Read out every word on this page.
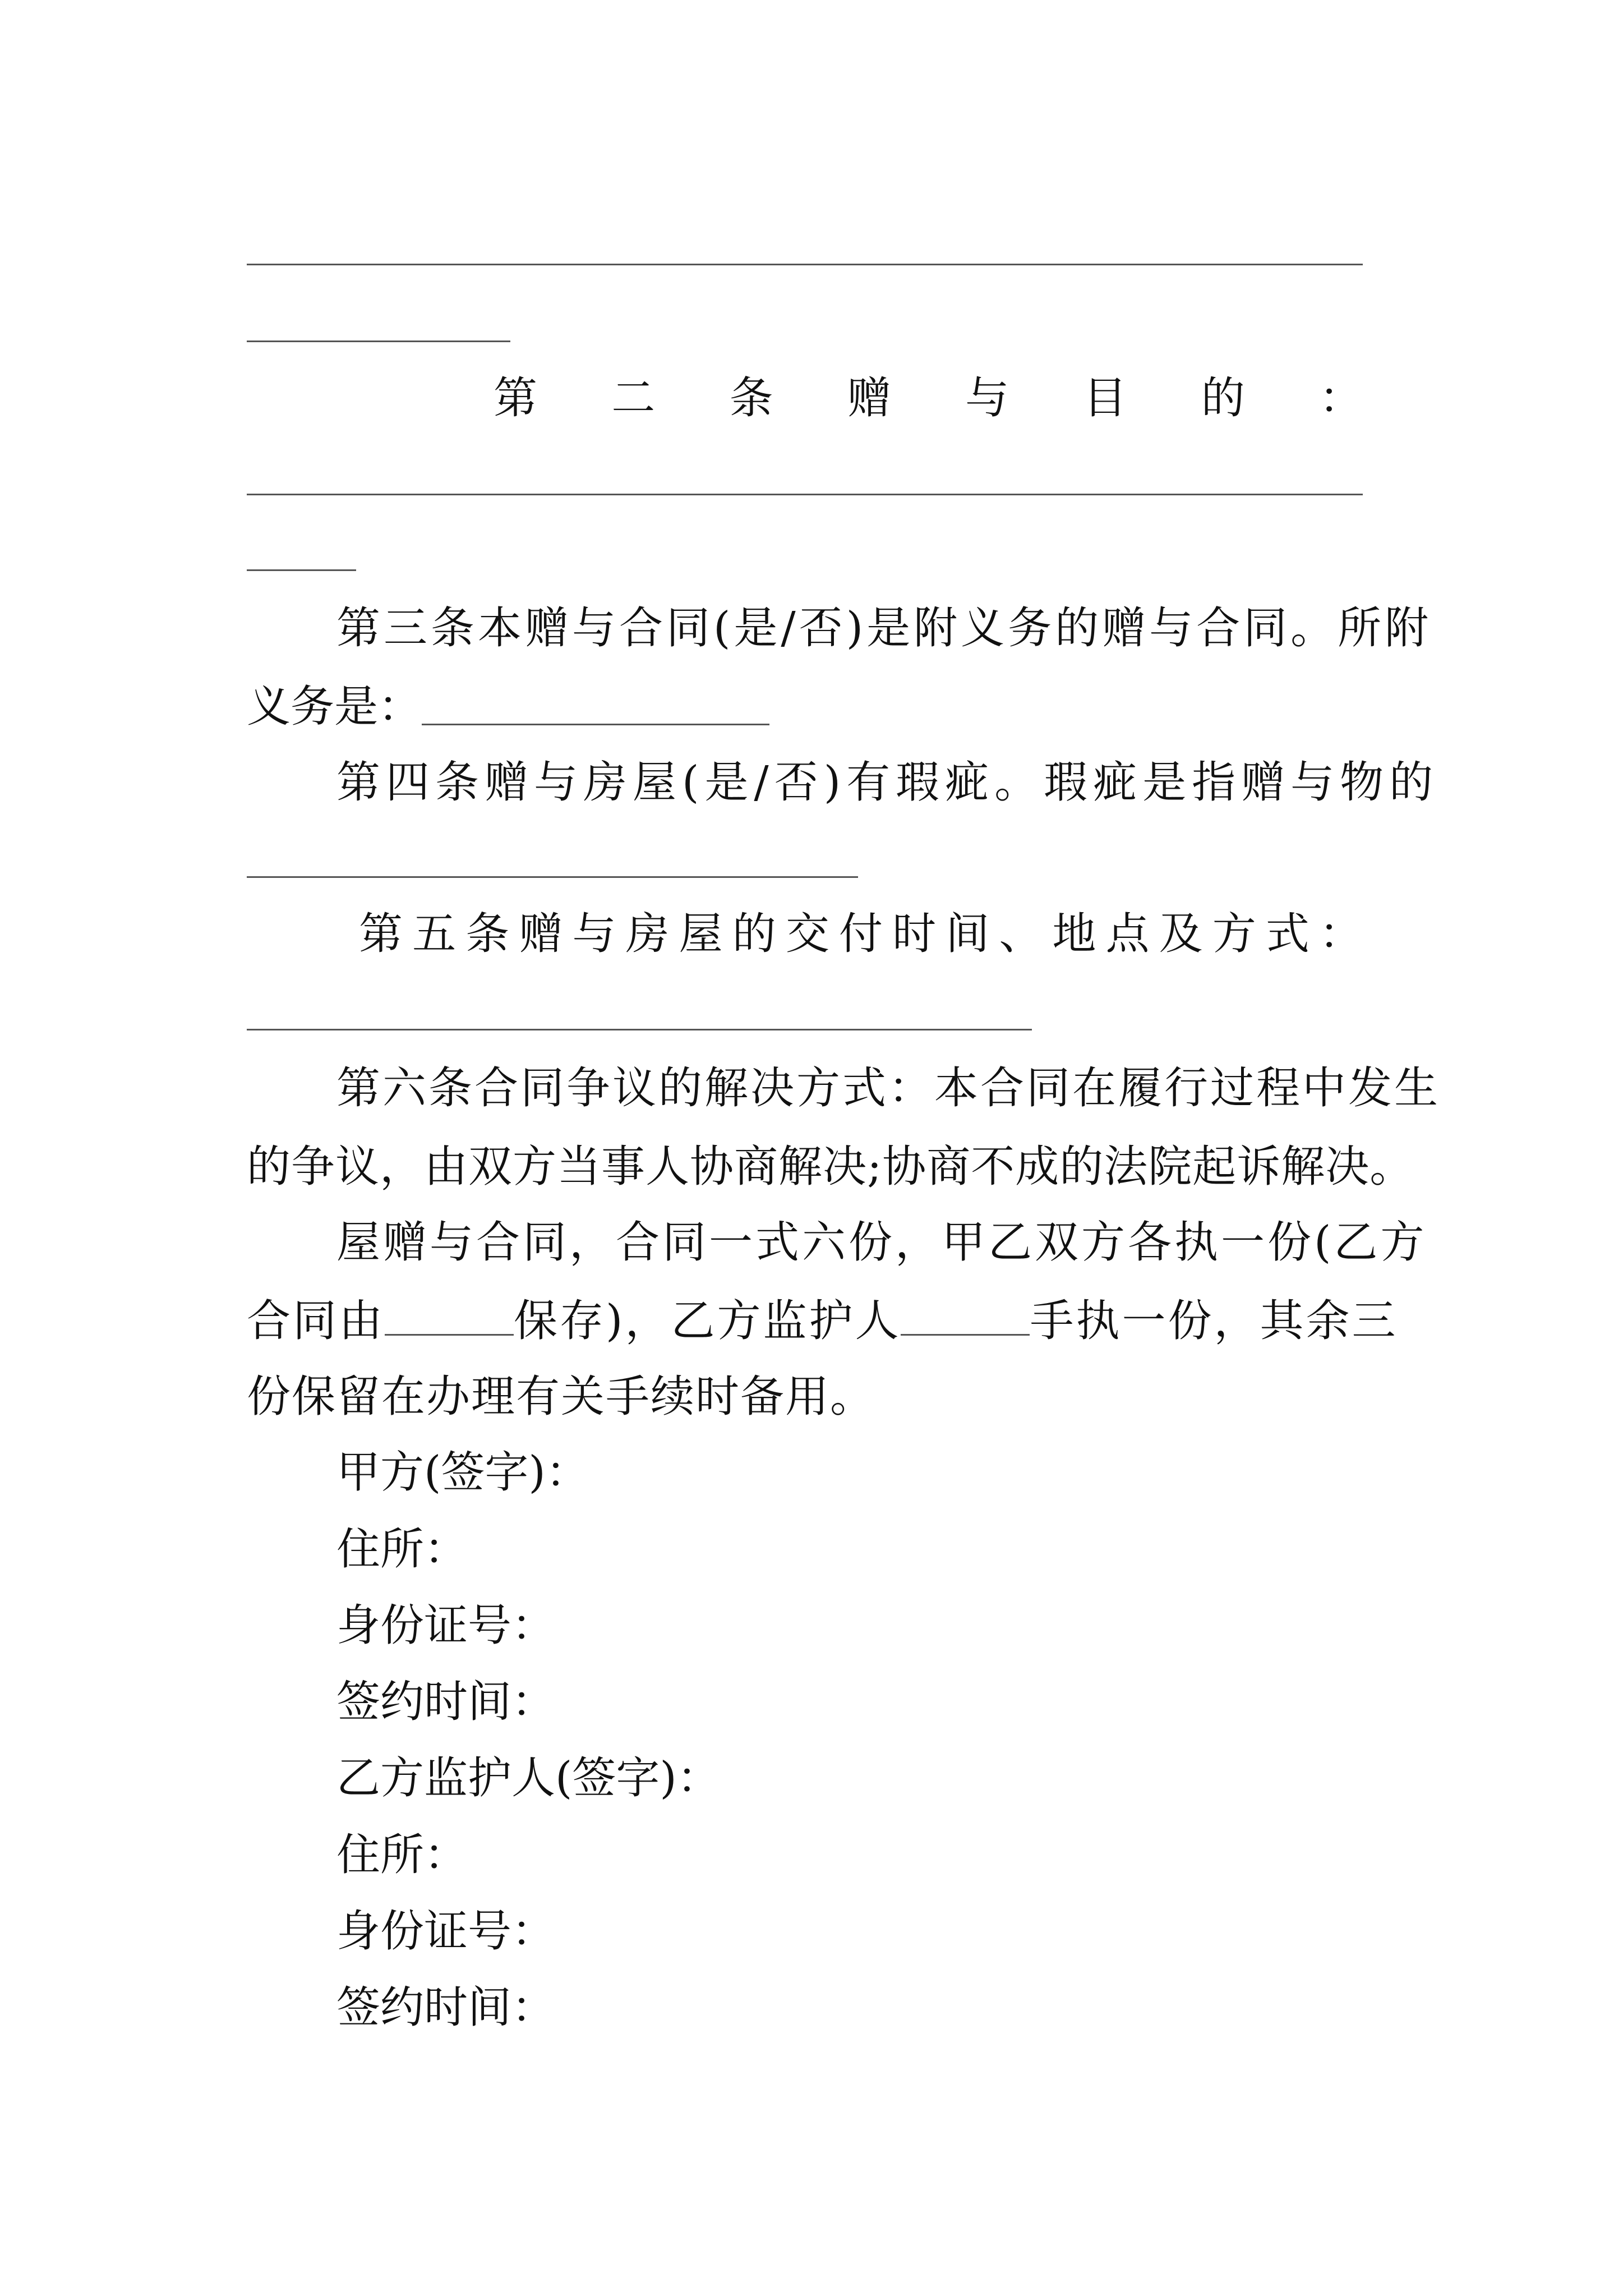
第 二 条 赠 与 目 的 ：
第三条本赠与合同(是/否)是附义务的赠与合同。所附
义务是：
第四条赠与房屋(是/否)有瑕疵。瑕疵是指赠与物的
第 五 条 赠 与 房 屋 的 交 付 时 间 、 地 点 及 方 式 ：
第六条合同争议的解决方式：本合同在履行过程中发生
的争议，由双方当事人协商解决;协商不成的法院起诉解决。
屋赠与合同，合同一式六份，甲乙双方各执一份(乙方
合同由	保存)，乙方监护人	手执一份，其余三
份保留在办理有关手续时备用。
甲方(签字)：
住所：
身份证号：
签约时间：
乙方监护人(签字)：
住所：
身份证号：
签约时间：
